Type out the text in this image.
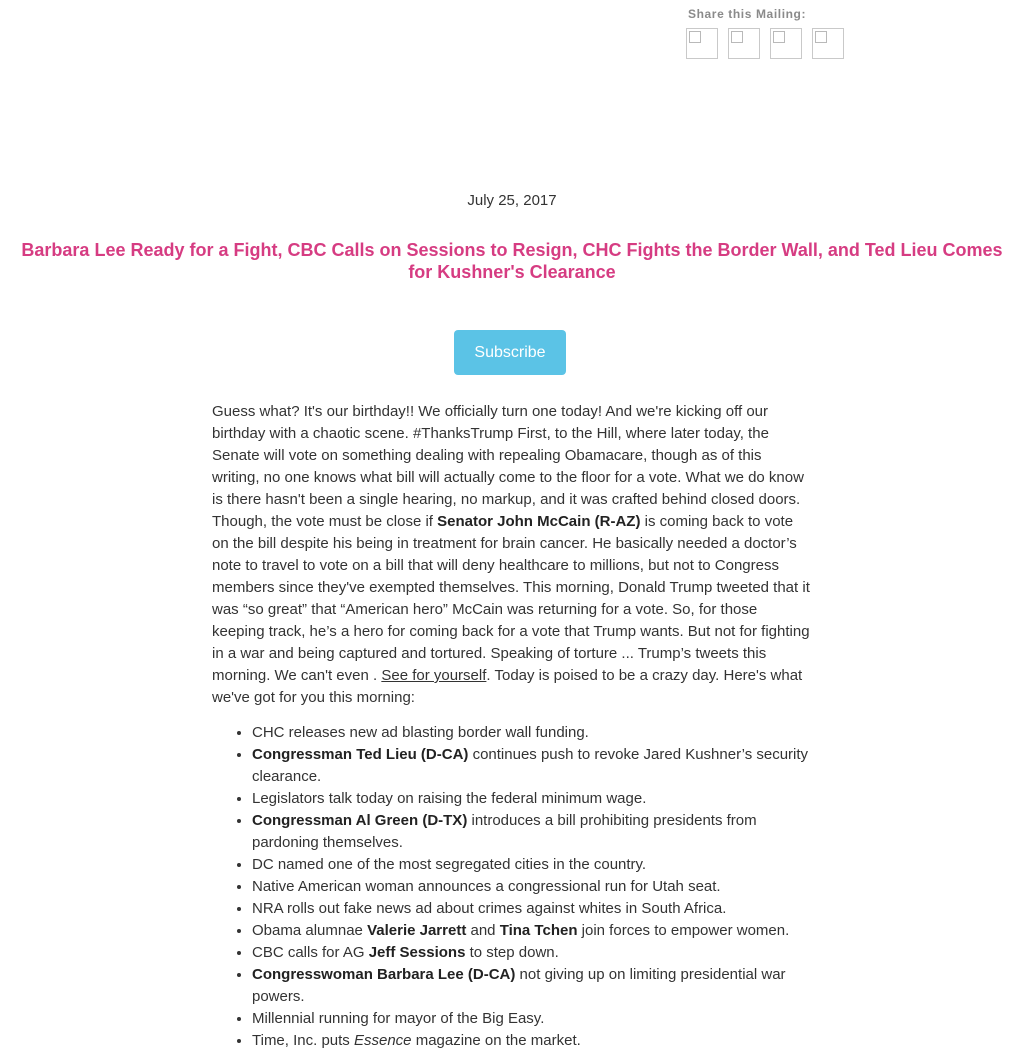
Share this Mailing:
July 25, 2017
Barbara Lee Ready for a Fight, CBC Calls on Sessions to Resign, CHC Fights the Border Wall, and Ted Lieu Comes for Kushner's Clearance
Subscribe

Guess what? It's our birthday!! We officially turn one today! And we're kicking off our birthday with a chaotic scene. #ThanksTrump First, to the Hill, where later today, the Senate will vote on something dealing with repealing Obamacare, though as of this writing, no one knows what bill will actually come to the floor for a vote. What we do know is there hasn't been a single hearing, no markup, and it was crafted behind closed doors. Though, the vote must be close if Senator John McCain (R-AZ) is coming back to vote on the bill despite his being in treatment for brain cancer. He basically needed a doctor’s note to travel to vote on a bill that will deny healthcare to millions, but not to Congress members since they've exempted themselves. This morning, Donald Trump tweeted that it was “so great” that “American hero” McCain was returning for a vote. So, for those keeping track, he’s a hero for coming back for a vote that Trump wants. But not for fighting in a war and being captured and tortured. Speaking of torture ... Trump’s tweets this morning. We can't even . See for yourself. Today is poised to be a crazy day. Here's what we've got for you this morning:

• CHC releases new ad blasting border wall funding.
• Congressman Ted Lieu (D-CA) continues push to revoke Jared Kushner’s security clearance.
• Legislators talk today on raising the federal minimum wage.
• Congressman Al Green (D-TX) introduces a bill prohibiting presidents from pardoning themselves.
• DC named one of the most segregated cities in the country.
• Native American woman announces a congressional run for Utah seat.
• NRA rolls out fake news ad about crimes against whites in South Africa.
• Obama alumnae Valerie Jarrett and Tina Tchen join forces to empower women.
• CBC calls for AG Jeff Sessions to step down.
• Congresswoman Barbara Lee (D-CA) not giving up on limiting presidential war powers.
• Millennial running for mayor of the Big Easy.
• Time, Inc. puts Essence magazine on the market.
